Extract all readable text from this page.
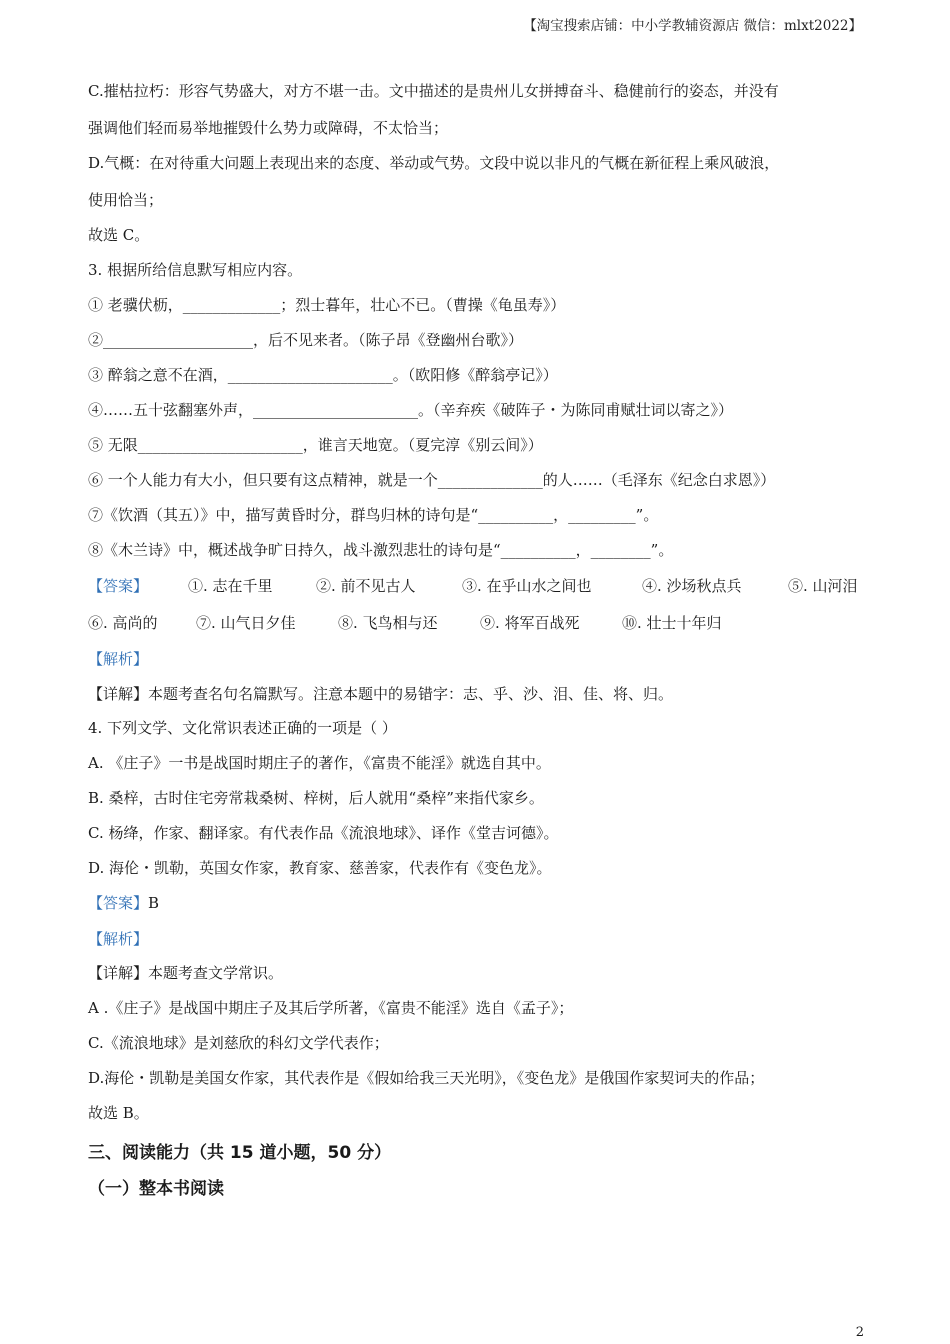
【淘宝搜索店铺：中小学教辅资源店 微信：mlxt2022】
C.摧枯拉朽：形容气势盛大，对方不堪一击。文中描述的是贵州儿女拼搏奋斗、稳健前行的姿态，并没有
强调他们轻而易举地摧毁什么势力或障碍，不太恰当；
D.气概：在对待重大问题上表现出来的态度、举动或气势。文段中说以非凡的气概在新征程上乘风破浪，
使用恰当；
故选 C。
3. 根据所给信息默写相应内容。
① 老骥伏枥，_____________；烈士暮年，壮心不已。（曹操《龟虽寿》）
②____________________，后不见来者。（陈子昂《登幽州台歌》）
③ 醉翁之意不在酒，______________________。（欧阳修《醉翁亭记》）
④……五十弦翻塞外声，______________________。（辛弃疾《破阵子・为陈同甫赋壮词以寄之》）
⑤ 无限______________________，谁言天地宽。（夏完淳《别云间》）
⑥ 一个人能力有大小，但只要有这点精神，就是一个______________的人……（毛泽东《纪念白求恩》）
⑦《饮酒（其五）》中，描写黄昏时分，群鸟归林的诗句是“__________，_________”。
⑧《木兰诗》中，概述战争旷日持久，战斗激烈悲壮的诗句是“__________，________”。
【答案】	①. 志在千里	②. 前不见古人	③. 在乎山水之间也	④. 沙场秋点兵	⑤. 山河泪
⑥. 高尚的	⑦. 山气日夕佳	⑧. 飞鸟相与还	⑨. 将军百战死	⑩. 壮士十年归
【解析】
【详解】本题考查名句名篇默写。注意本题中的易错字：志、乎、沙、泪、佳、将、归。
4. 下列文学、文化常识表述正确的一项是（ ）
A. 《庄子》一书是战国时期庄子的著作，《富贵不能淫》就选自其中。
B. 桑梓，古时住宅旁常栽桑树、梓树，后人就用“桑梓”来指代家乡。
C. 杨绛，作家、翻译家。有代表作品《流浪地球》、译作《堂吉诃德》。
D. 海伦・凯勒，英国女作家，教育家、慈善家，代表作有《变色龙》。
【答案】B
【解析】
【详解】本题考查文学常识。
A .《庄子》是战国中期庄子及其后学所著，《富贵不能淫》选自《孟子》；
C.《流浪地球》是刘慈欣的科幻文学代表作；
D.海伦・凯勒是美国女作家，其代表作是《假如给我三天光明》，《变色龙》是俄国作家契诃夫的作品；
故选 B。
三、阅读能力（共 15 道小题，50 分）
（一）整本书阅读
2
